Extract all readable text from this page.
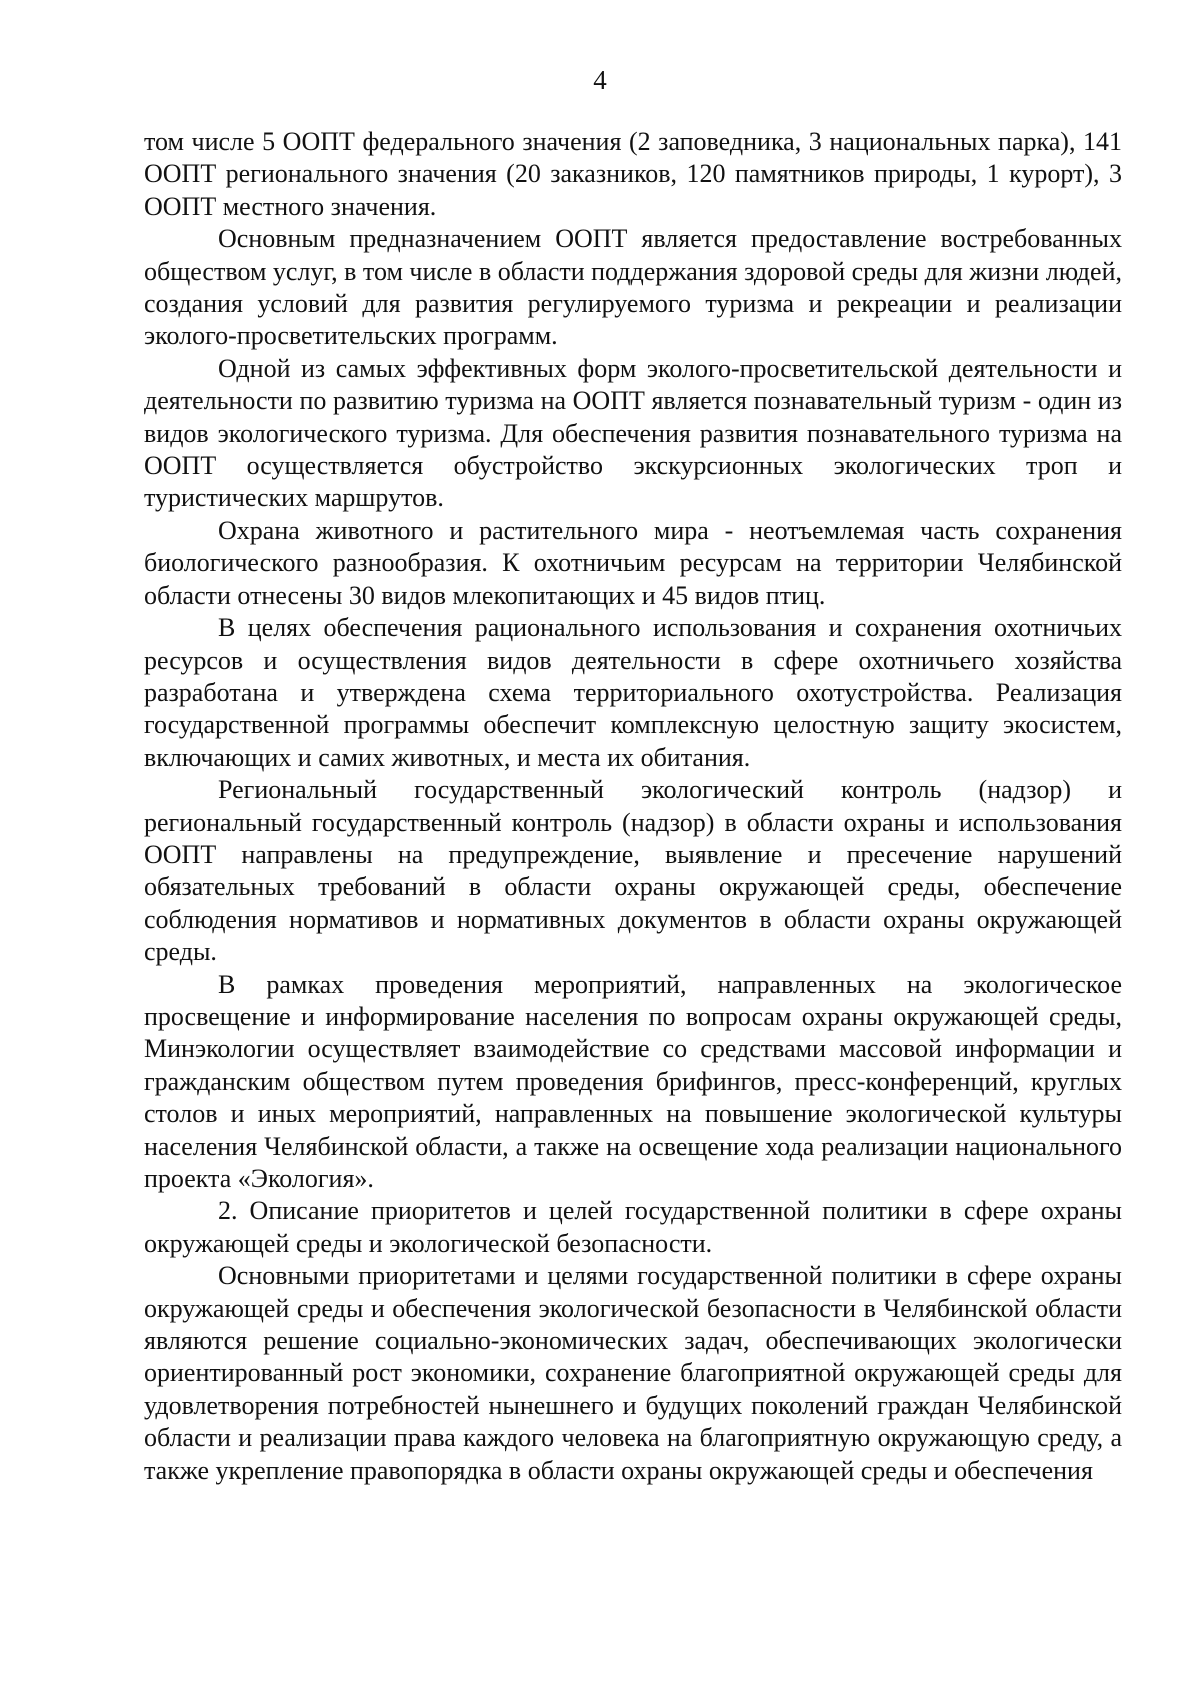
4

том числе 5 ООПТ федерального значения (2 заповедника, 3 национальных парка), 141 ООПТ регионального значения (20 заказников, 120 памятников природы, 1 курорт), 3 ООПТ местного значения.

Основным предназначением ООПТ является предоставление востребованных обществом услуг, в том числе в области поддержания здоровой среды для жизни людей, создания условий для развития регулируемого туризма и рекреации и реализации эколого-просветительских программ.

Одной из самых эффективных форм эколого-просветительской деятельности и деятельности по развитию туризма на ООПТ является познавательный туризм - один из видов экологического туризма. Для обеспечения развития познавательного туризма на ООПТ осуществляется обустройство экскурсионных экологических троп и туристических маршрутов.

Охрана животного и растительного мира - неотъемлемая часть сохранения биологического разнообразия. К охотничьим ресурсам на территории Челябинской области отнесены 30 видов млекопитающих и 45 видов птиц.

В целях обеспечения рационального использования и сохранения охотничьих ресурсов и осуществления видов деятельности в сфере охотничьего хозяйства разработана и утверждена схема территориального охотустройства. Реализация государственной программы обеспечит комплексную целостную защиту экосистем, включающих и самих животных, и места их обитания.

Региональный государственный экологический контроль (надзор) и региональный государственный контроль (надзор) в области охраны и использования ООПТ направлены на предупреждение, выявление и пресечение нарушений обязательных требований в области охраны окружающей среды, обеспечение соблюдения нормативов и нормативных документов в области охраны окружающей среды.

В рамках проведения мероприятий, направленных на экологическое просвещение и информирование населения по вопросам охраны окружающей среды, Минэкологии осуществляет взаимодействие со средствами массовой информации и гражданским обществом путем проведения брифингов, пресс-конференций, круглых столов и иных мероприятий, направленных на повышение экологической культуры населения Челябинской области, а также на освещение хода реализации национального проекта «Экология».

2. Описание приоритетов и целей государственной политики в сфере охраны окружающей среды и экологической безопасности.

Основными приоритетами и целями государственной политики в сфере охраны окружающей среды и обеспечения экологической безопасности в Челябинской области являются решение социально-экономических задач, обеспечивающих экологически ориентированный рост экономики, сохранение благоприятной окружающей среды для удовлетворения потребностей нынешнего и будущих поколений граждан Челябинской области и реализации права каждого человека на благоприятную окружающую среду, а также укрепление правопорядка в области охраны окружающей среды и обеспечения
